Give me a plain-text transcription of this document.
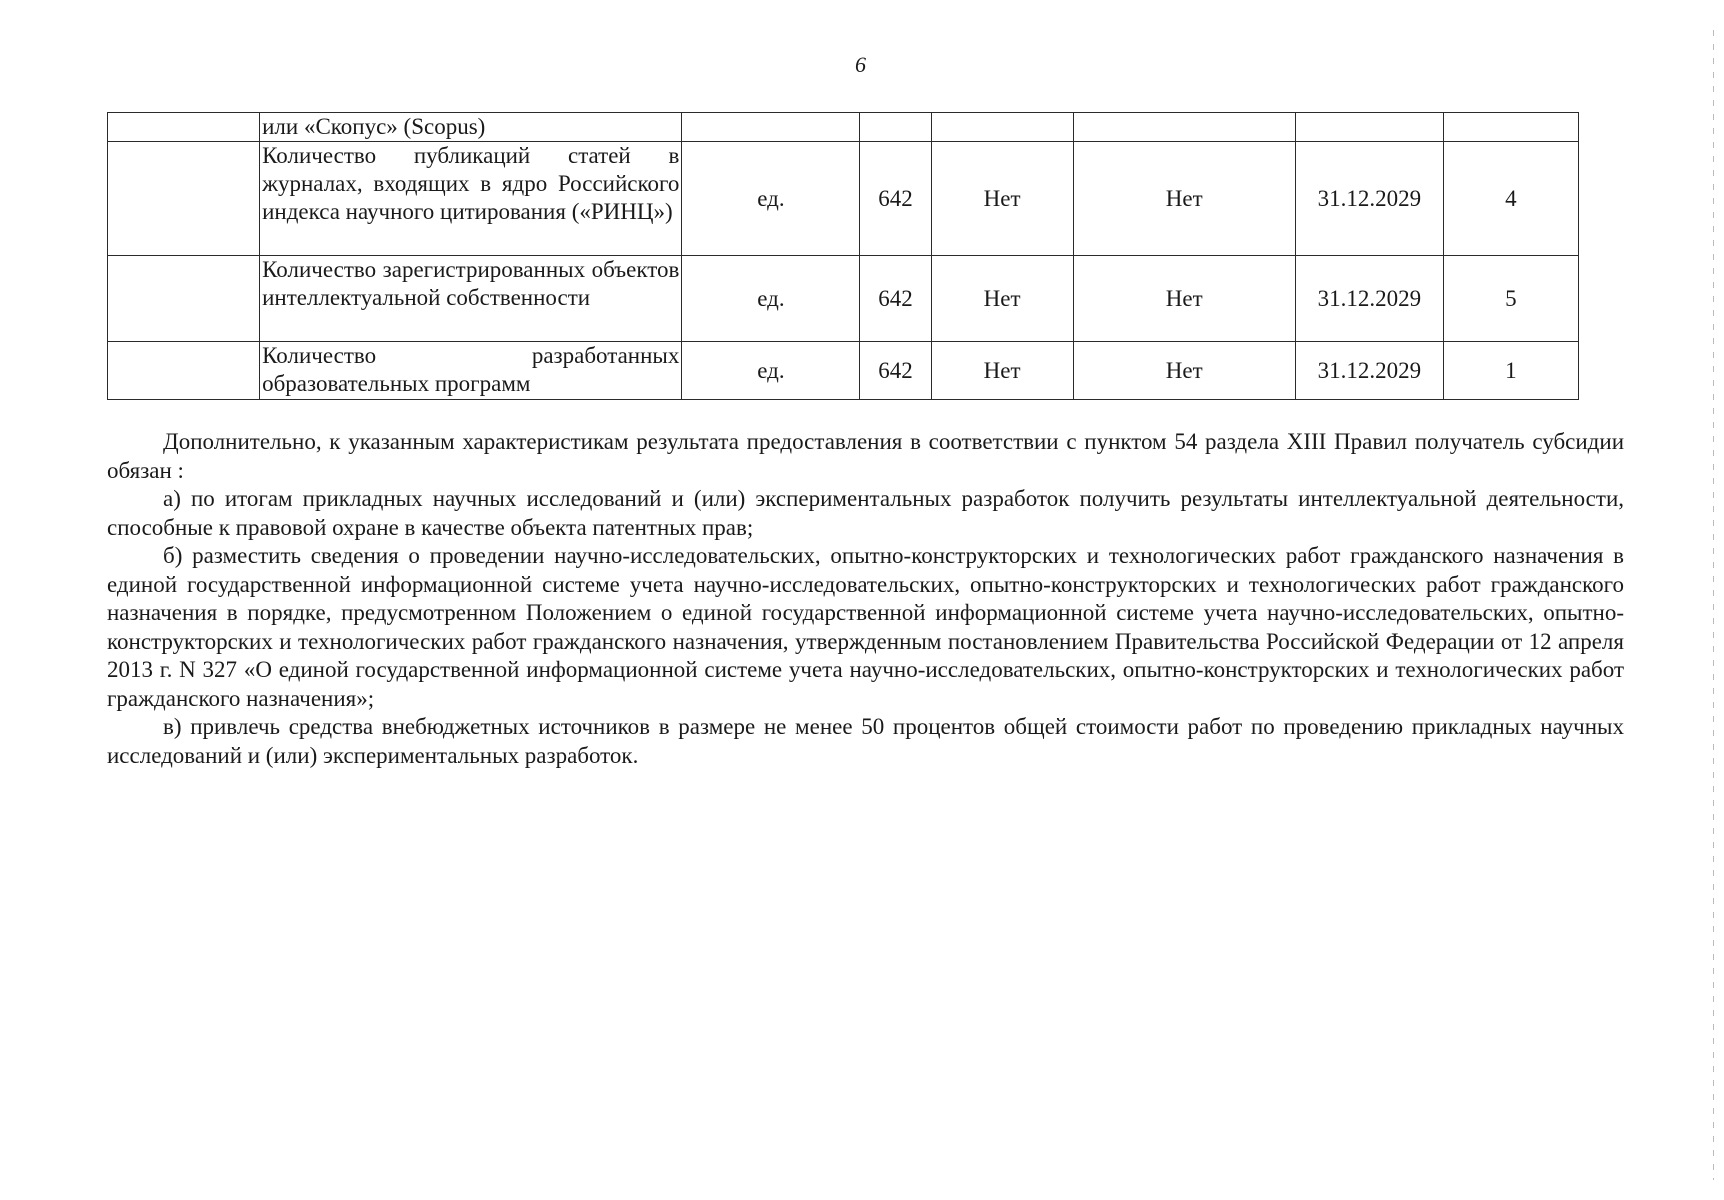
6
	или «Скопус» (Scopus)						
	Количество публикаций статей в журналах, входящих в ядро Российского индекса научного цитирования («РИНЦ»)	ед.	642	Нет	Нет	31.12.2029	4
	Количество зарегистрированных объектов интеллектуальной собственности	ед.	642	Нет	Нет	31.12.2029	5
	Количество разработанных образовательных программ	ед.	642	Нет	Нет	31.12.2029	1

Дополнительно, к указанным характеристикам результата предоставления в соответствии с пунктом 54 раздела XIII Правил получатель субсидии обязан :

а) по итогам прикладных научных исследований и (или) экспериментальных разработок получить результаты интеллектуальной деятельности, способные к правовой охране в качестве объекта патентных прав;

б) разместить сведения о проведении научно-исследовательских, опытно-конструкторских и технологических работ гражданского назначения в единой государственной информационной системе учета научно-исследовательских, опытно-конструкторских и технологических работ гражданского назначения в порядке, предусмотренном Положением о единой государственной информационной системе учета научно-исследовательских, опытно-конструкторских и технологических работ гражданского назначения, утвержденным постановлением Правительства Российской Федерации от 12 апреля 2013 г. N 327 «О единой государственной информационной системе учета научно-исследовательских, опытно-конструкторских и технологических работ гражданского назначения»;

в) привлечь средства внебюджетных источников в размере не менее 50 процентов общей стоимости работ по проведению прикладных научных исследований и (или) экспериментальных разработок.
